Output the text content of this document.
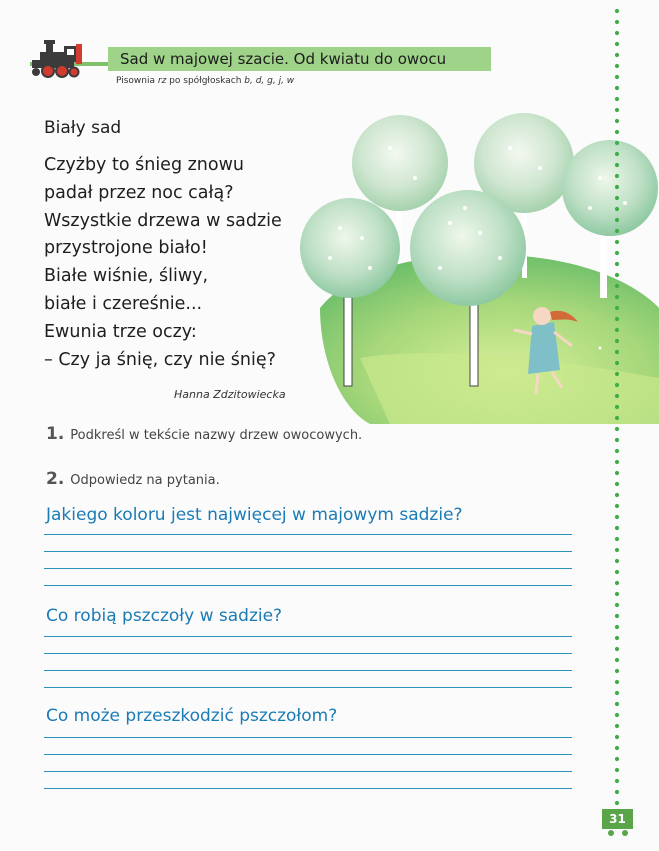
Sad w majowej szacie. Od kwiatu do owocu
Pisownia rz po spółgłoskach b, d, g, j, w
Biały sad
Czyżby to śnieg znowu
padał przez noc całą?
Wszystkie drzewa w sadzie
przystrojone biało!
Białe wiśnie, śliwy,
białe i czereśnie...
Ewunia trze oczy:
– Czy ja śnię, czy nie śnię?
Hanna Zdzitowiecka
1. Podkreśl w tekście nazwy drzew owocowych.
2. Odpowiedz na pytania.
Jakiego koloru jest najwięcej w majowym sadzie?
Co robią pszczoły w sadzie?
Co może przeszkodzić pszczołom?
31
